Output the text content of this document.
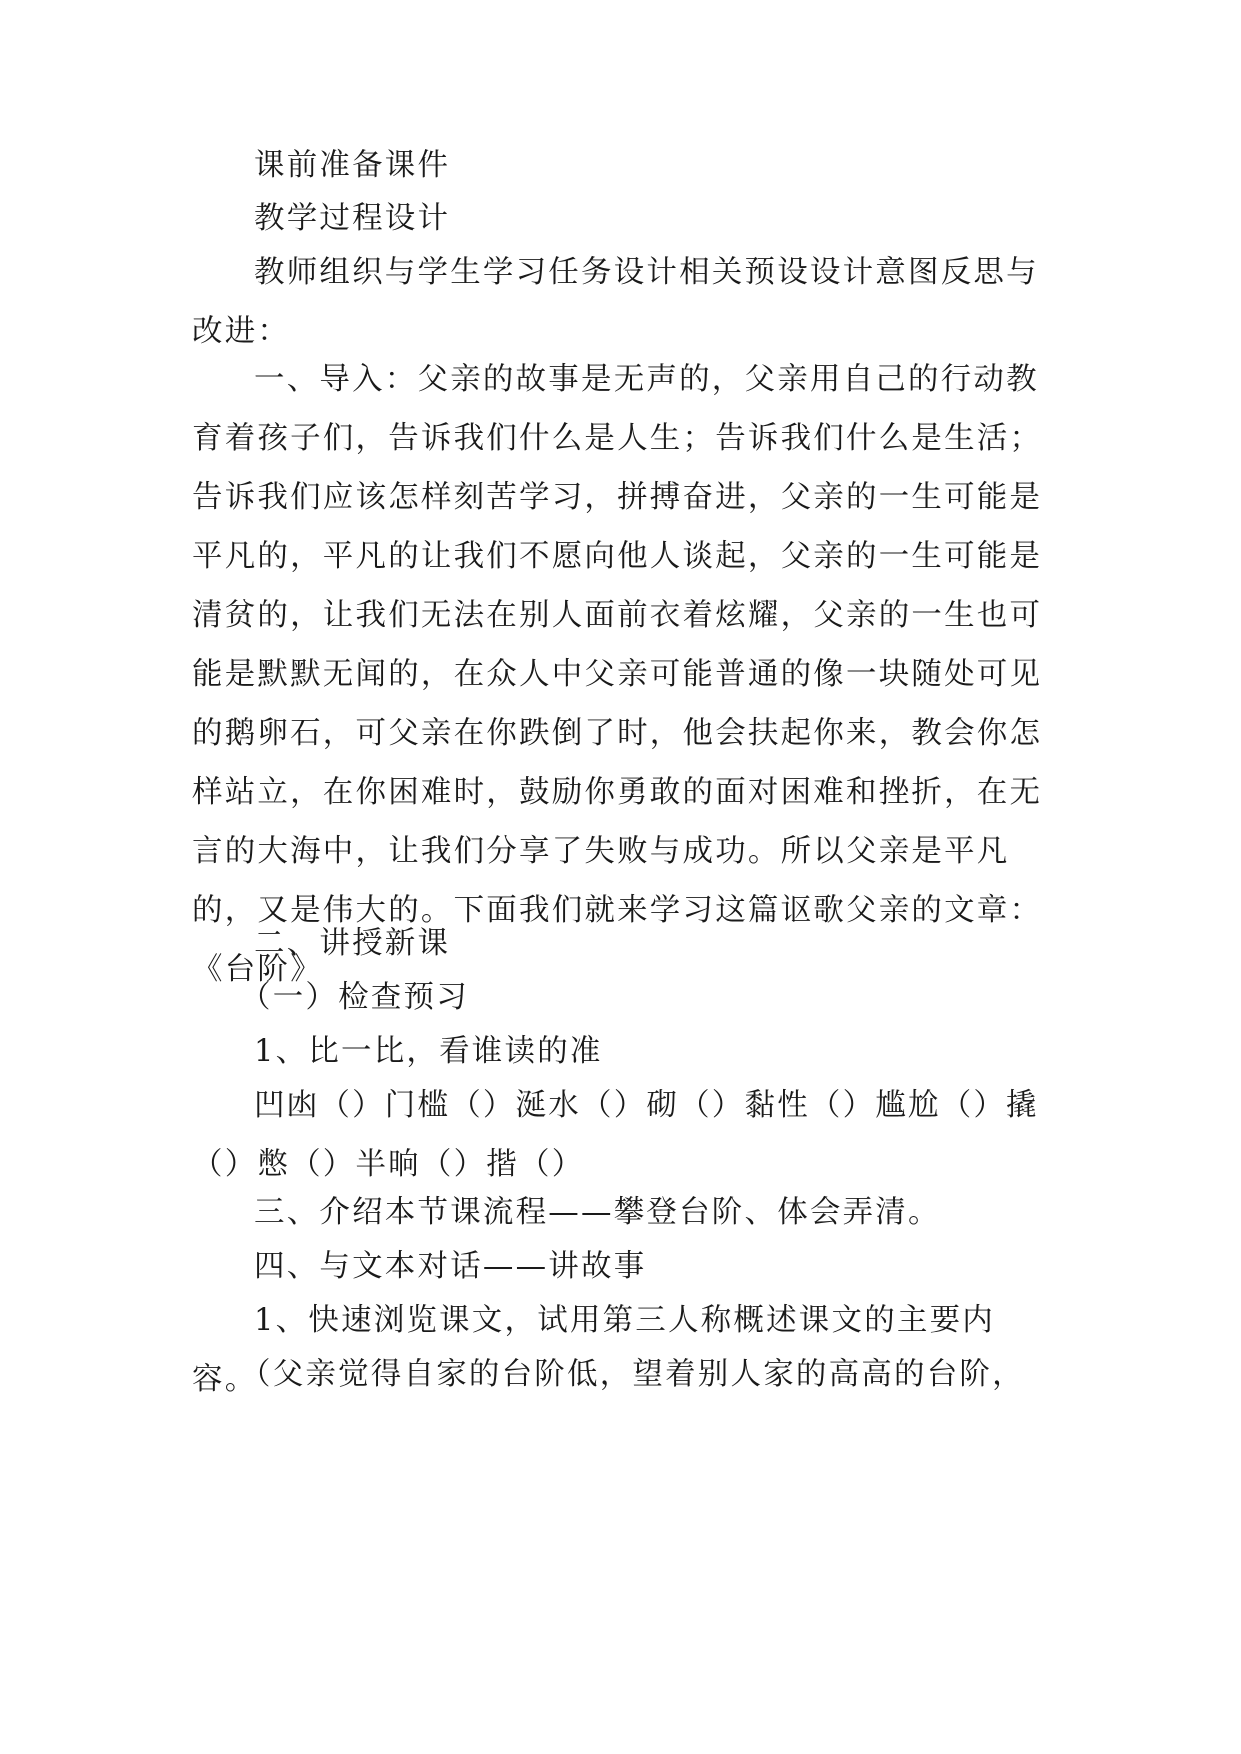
课前准备课件

教学过程设计

教师组织与学生学习任务设计相关预设设计意图反思与改进：

一、导入：父亲的故事是无声的，父亲用自己的行动教育着孩子们，告诉我们什么是人生；告诉我们什么是生活；告诉我们应该怎样刻苦学习，拼搏奋进，父亲的一生可能是平凡的，平凡的让我们不愿向他人谈起，父亲的一生可能是清贫的，让我们无法在别人面前衣着炫耀，父亲的一生也可能是默默无闻的，在众人中父亲可能普通的像一块随处可见的鹅卵石，可父亲在你跌倒了时，他会扶起你来，教会你怎样站立，在你困难时，鼓励你勇敢的面对困难和挫折，在无言的大海中，让我们分享了失败与成功。所以父亲是平凡的，又是伟大的。下面我们就来学习这篇讴歌父亲的文章：《台阶》

二、讲授新课

（一）检查预习

1、比一比，看谁读的准

凹凼（）门槛（）涎水（）砌（）黏性（）尴尬（）撬（）憋（）半晌（）揩（）

三、介绍本节课流程——攀登台阶、体会弄清。

四、与文本对话——讲故事

1、快速浏览课文，试用第三人称概述课文的主要内容。

（父亲觉得自家的台阶低，望着别人家的高高的台阶，
